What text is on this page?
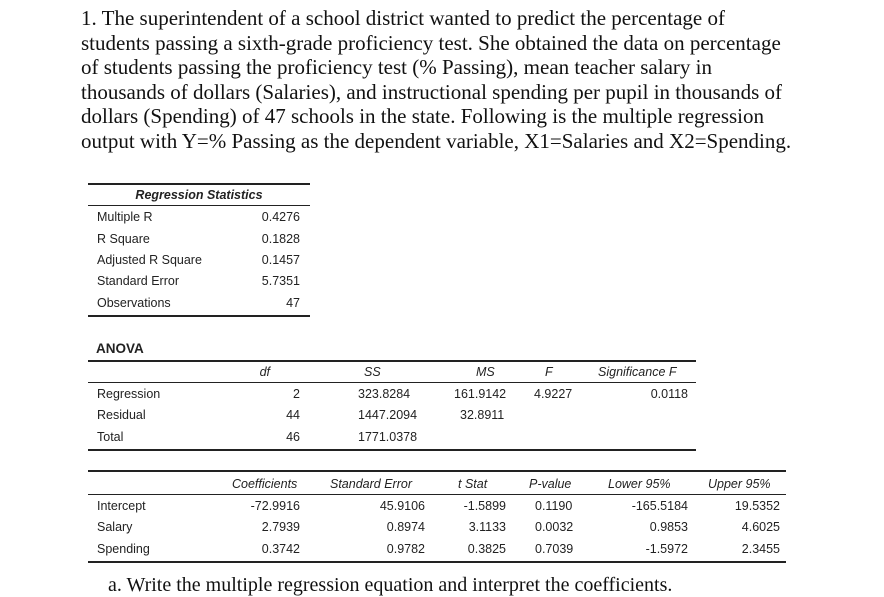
1. The superintendent of a school district wanted to predict the percentage of students passing a sixth-grade proficiency test. She obtained the data on percentage of students passing the proficiency test (% Passing), mean teacher salary in thousands of dollars (Salaries), and instructional spending per pupil in thousands of dollars (Spending) of 47 schools in the state. Following is the multiple regression output with Y=% Passing as the dependent variable, X1=Salaries and X2=Spending.

Regression Statistics
Multiple R	0.4276
R Square	0.1828
Adjusted R Square	0.1457
Standard Error	5.7351
Observations	47
ANOVA
df	SS	MS	F	Significance F
Regression	2	323.8284	161.9142 4.9227	0.0118
Residual	44	1447.2094	32.8911
Total	46	1771.0378
Coefficients	Standard Error	t Stat	P-value	Lower 95%	Upper 95%
Intercept	-72.9916	45.9106	-1.5899 0.1190	-165.5184	19.5352
Salary	2.7939	0.8974	3.1133 0.0032	0.9853	4.6025
Spending	0.3742	0.9782	0.3825 0.7039	-1.5972	2.3455
a. Write the multiple regression equation and interpret the coefficients.
